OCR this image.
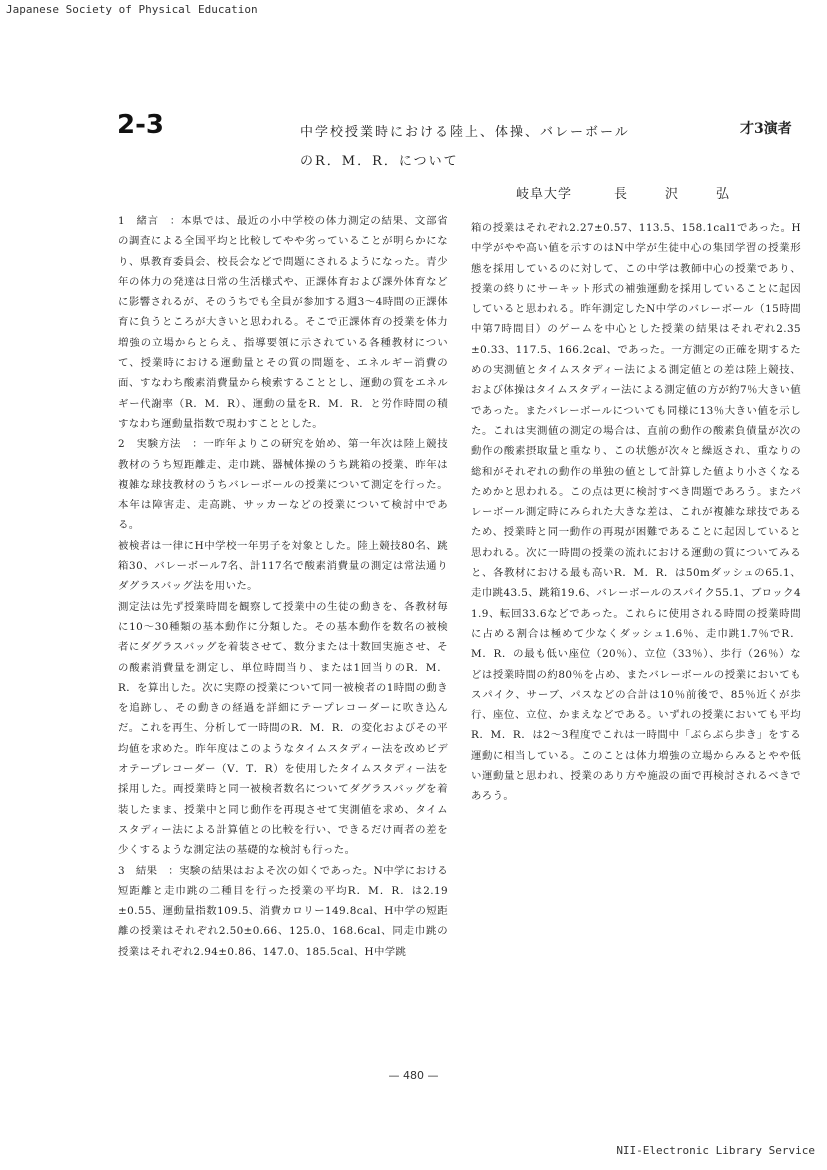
Japanese Society of Physical Education
2-3	中学校授業時における陸上、体操、バレーボールのR．M．R．について
才3演者
岐阜大学	長沢弘

1　緒言　：本県では、最近の小中学校の体力測定の結果、文部省の調査による全国平均と比較してやや劣っていることが明らかになり、県教育委員会、校長会などで問題にされるようになった。青少年の体力の発達は日常の生活様式や、正課体育および課外体育などに影響されるが、そのうちでも全員が参加する週3～4時間の正課体育に負うところが大きいと思われる。そこで正課体育の授業を体力増強の立場からとらえ、指導要領に示されている各種教材について、授業時における運動量とその質の問題を、エネルギー消費の面、すなわち酸素消費量から検索することとし、運動の質をエネルギー代謝率（R．M．R）、運動の量をR．M．R．と労作時間の積すなわち運動量指数で現わすこととした。

2　実験方法　：一昨年よりこの研究を始め、第一年次は陸上競技教材のうち短距離走、走巾跳、器械体操のうち跳箱の授業、昨年は複雑な球技教材のうちバレーボールの授業について測定を行った。本年は障害走、走高跳、サッカーなどの授業について検討中である。

被検者は一律にH中学校一年男子を対象とした。陸上競技80名、跳箱30、バレーボール7名、計117名で酸素消費量の測定は常法通りダグラスバッグ法を用いた。

測定法は先ず授業時間を観察して授業中の生徒の動きを、各教材毎に10～30種類の基本動作に分類した。その基本動作を数名の被検者にダグラスバッグを着装させて、数分または十数回実施させ、その酸素消費量を測定し、単位時間当り、または1回当りのR．M．R．を算出した。次に実際の授業について同一被検者の1時間の動きを追跡し、その動きの経過を詳細にテープレコーダーに吹き込んだ。これを再生、分析して一時間のR．M．R．の変化およびその平均値を求めた。昨年度はこのようなタイムスタディー法を改めビデオテープレコーダー（V．T．R）を使用したタイムスタディー法を採用した。両授業時と同一被検者数名についてダグラスバッグを着装したまま、授業中と同じ動作を再現させて実測値を求め、タイムスタディー法による計算値との比較を行い、できるだけ両者の差を少くするような測定法の基礎的な検討も行った。

3　結果　：実験の結果はおよそ次の如くであった。N中学における短距離と走巾跳の二種目を行った授業の平均R．M．R．は2.19±0.55、運動量指数109.5、消費カロリー149.8cal、H中学の短距離の授業はそれぞれ2.50±0.66、125.0、168.6cal、同走巾跳の授業はそれぞれ2.94±0.86、147.0、185.5cal、H中学跳

箱の授業はそれぞれ2.27±0.57、113.5、158.1cal1であった。H中学がやや高い値を示すのはN中学が生徒中心の集団学習の授業形態を採用しているのに対して、この中学は教師中心の授業であり、授業の終りにサーキット形式の補強運動を採用していることに起因していると思われる。昨年測定したN中学のバレーボール（15時間中第7時間目）のゲームを中心とした授業の結果はそれぞれ2.35±0.33、117.5、166.2cal、であった。一方測定の正確を期するための実測値とタイムスタディー法による測定値との差は陸上競技、および体操はタイムスタディー法による測定値の方が約7％大きい値であった。またバレーボールについても同様に13％大きい値を示した。これは実測値の測定の場合は、直前の動作の酸素負債量が次の動作の酸素摂取量と重なり、この状態が次々と繰返され、重なりの総和がそれぞれの動作の単独の値として計算した値より小さくなるためかと思われる。この点は更に検討すべき問題であろう。またバレーボール測定時にみられた大きな差は、これが複雑な球技であるため、授業時と同一動作の再現が困難であることに起因していると思われる。次に一時間の授業の流れにおける運動の質についてみると、各教材における最も高いR．M．R．は50mダッシュの65.1、走巾跳43.5、跳箱19.6、バレーボールのスパイク55.1、ブロック41.9、転回33.6などであった。これらに使用される時間の授業時間に占める割合は極めて少なくダッシュ1.6％、走巾跳1.7％でR．M．R．の最も低い座位（20％）、立位（33％）、歩行（26％）などは授業時間の約80％を占め、またバレーボールの授業においてもスパイク、サーブ、パスなどの合計は10％前後で、85％近くが歩行、座位、立位、かまえなどである。いずれの授業においても平均R．M．R．は2～3程度でこれは一時間中「ぶらぶら歩き」をする運動に相当している。このことは体力増強の立場からみるとやや低い運動量と思われ、授業のあり方や施設の面で再検討されるべきであろう。

— 480 —
NII-Electronic Library Service
